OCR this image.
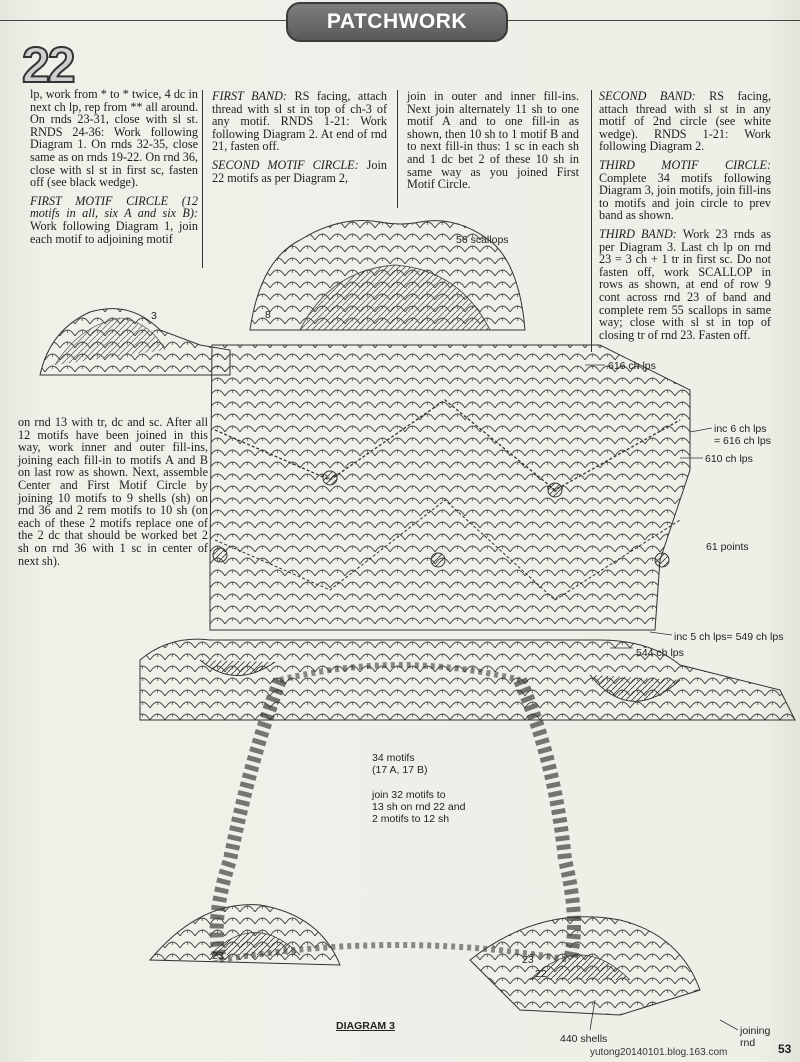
PATCHWORK
22

lp, work from * to * twice, 4 dc in next ch lp, rep from ** all around. On rnds 23-31, close with sl st. RNDS 24-36: Work following Diagram 1. On rnds 32-35, close same as on rnds 19-22. On rnd 36, close with sl st in first sc, fasten off (see black wedge).

FIRST MOTIF CIRCLE (12 motifs in all, six A and six B): Work following Diagram 1, join each motif to adjoining motif

FIRST BAND: RS facing, attach thread with sl st in top of ch-3 of any motif. RNDS 1-21: Work following Diagram 2. At end of rnd 21, fasten off.

SECOND MOTIF CIRCLE: Join 22 motifs as per Diagram 2,

join in outer and inner fill-ins. Next join alternately 11 sh to one motif A and to one fill-in as shown, then 10 sh to 1 motif B and to next fill-in thus: 1 sc in each sh and 1 dc bet 2 of these 10 sh in same way as you joined First Motif Circle.

SECOND BAND: RS facing, attach thread with sl st in any motif of 2nd circle (see white wedge). RNDS 1-21: Work following Diagram 2.

THIRD MOTIF CIRCLE: Complete 34 motifs following Diagram 3, join motifs, join fill-ins to motifs and join circle to prev band as shown.

THIRD BAND: Work 23 rnds as per Diagram 3. Last ch lp on rnd 23 = 3 ch + 1 tr in first sc. Do not fasten off, work SCALLOP in rows as shown, at end of row 9 cont across rnd 23 of band and complete rem 55 scallops in same way; close with sl st in top of closing tr of rnd 23. Fasten off.

on rnd 13 with tr, dc and sc. After all 12 motifs have been joined in this way, work inner and outer fill-ins, joining each fill-in to motifs A and B on last row as shown. Next, assemble Center and First Motif Circle by joining 10 motifs to 9 shells (sh) on rnd 36 and 2 rem motifs to 10 sh (on each of these 2 motifs replace one of the 2 dc that should be worked bet 2 sh on rnd 36 with 1 sc in center of next sh).

56 scallops
616 ch lps
inc 6 ch lps
= 616 ch lps
610 ch lps
61 points
inc 5 ch lps= 549 ch lps
544 ch lps
34 motifs
(17 A, 17 B)
join 32 motifs to
13 sh on rnd 22 and
2 motifs to 12 sh
3	8
23	23
22
DIAGRAM 3
440 shells
joining
rnd
yutong20140101.blog.163.com	53
